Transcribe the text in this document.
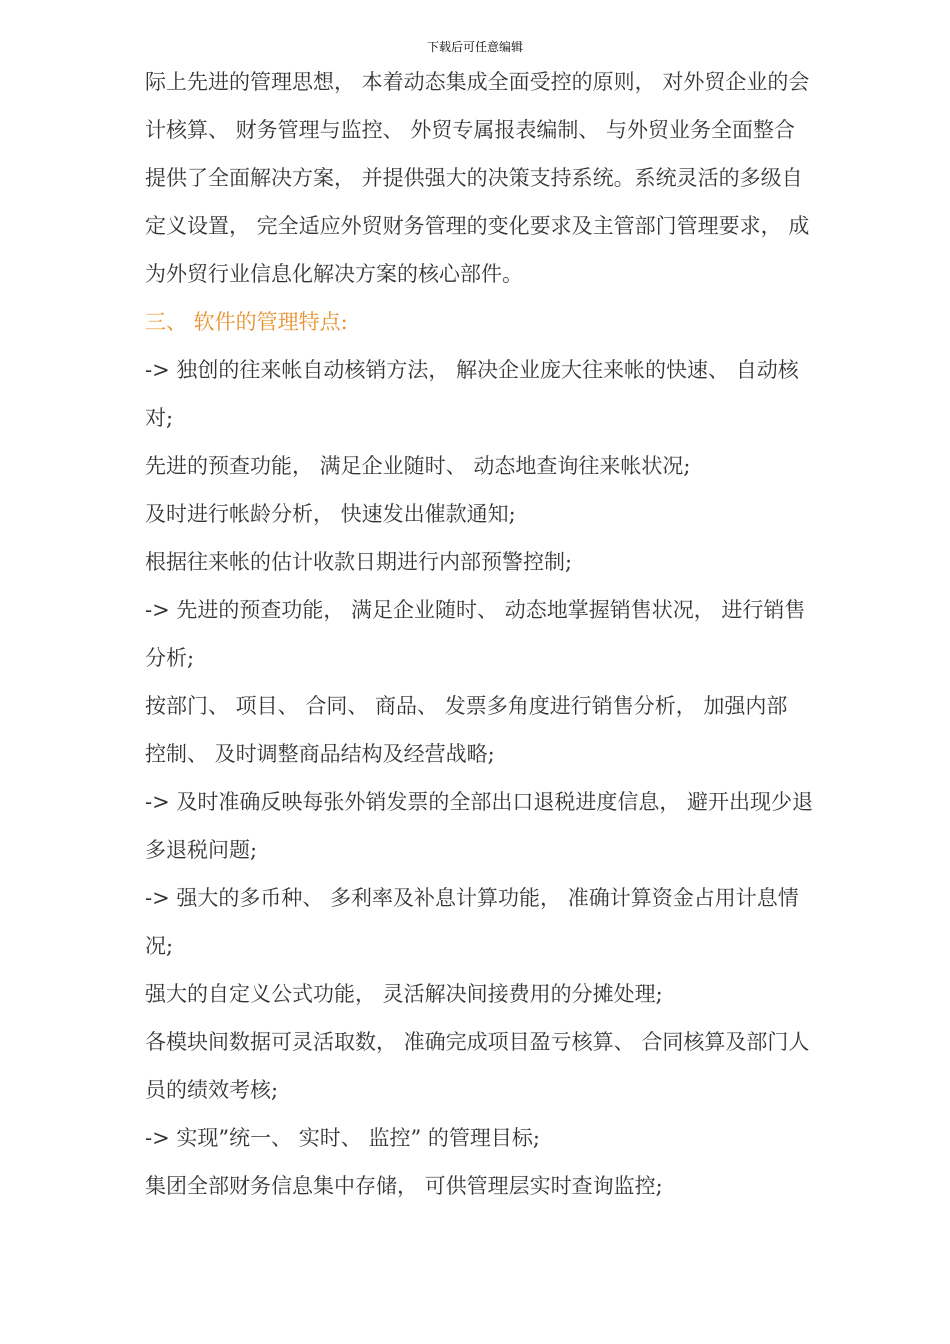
下载后可任意编辑
际上先进的管理思想， 本着动态集成全面受控的原则， 对外贸企业的会
计核算、 财务管理与监控、 外贸专属报表编制、 与外贸业务全面整合
提供了全面解决方案， 并提供强大的决策支持系统。系统灵活的多级自
定义设置， 完全适应外贸财务管理的变化要求及主管部门管理要求， 成
为外贸行业信息化解决方案的核心部件。
三、 软件的管理特点:
-> 独创的往来帐自动核销方法， 解决企业庞大往来帐的快速、 自动核
对;
先进的预查功能， 满足企业随时、 动态地查询往来帐状况;
及时进行帐龄分析， 快速发出催款通知;
根据往来帐的估计收款日期进行内部预警控制;
-> 先进的预查功能， 满足企业随时、 动态地掌握销售状况， 进行销售
分析;
按部门、 项目、 合同、 商品、 发票多角度进行销售分析， 加强内部
控制、 及时调整商品结构及经营战略;
-> 及时准确反映每张外销发票的全部出口退税进度信息， 避开出现少退
多退税问题;
-> 强大的多币种、 多利率及补息计算功能， 准确计算资金占用计息情
况;
强大的自定义公式功能， 灵活解决间接费用的分摊处理;
各模块间数据可灵活取数， 准确完成项目盈亏核算、 合同核算及部门人
员的绩效考核;
-> 实现”统一、 实时、 监控” 的管理目标;
集团全部财务信息集中存储， 可供管理层实时查询监控;
